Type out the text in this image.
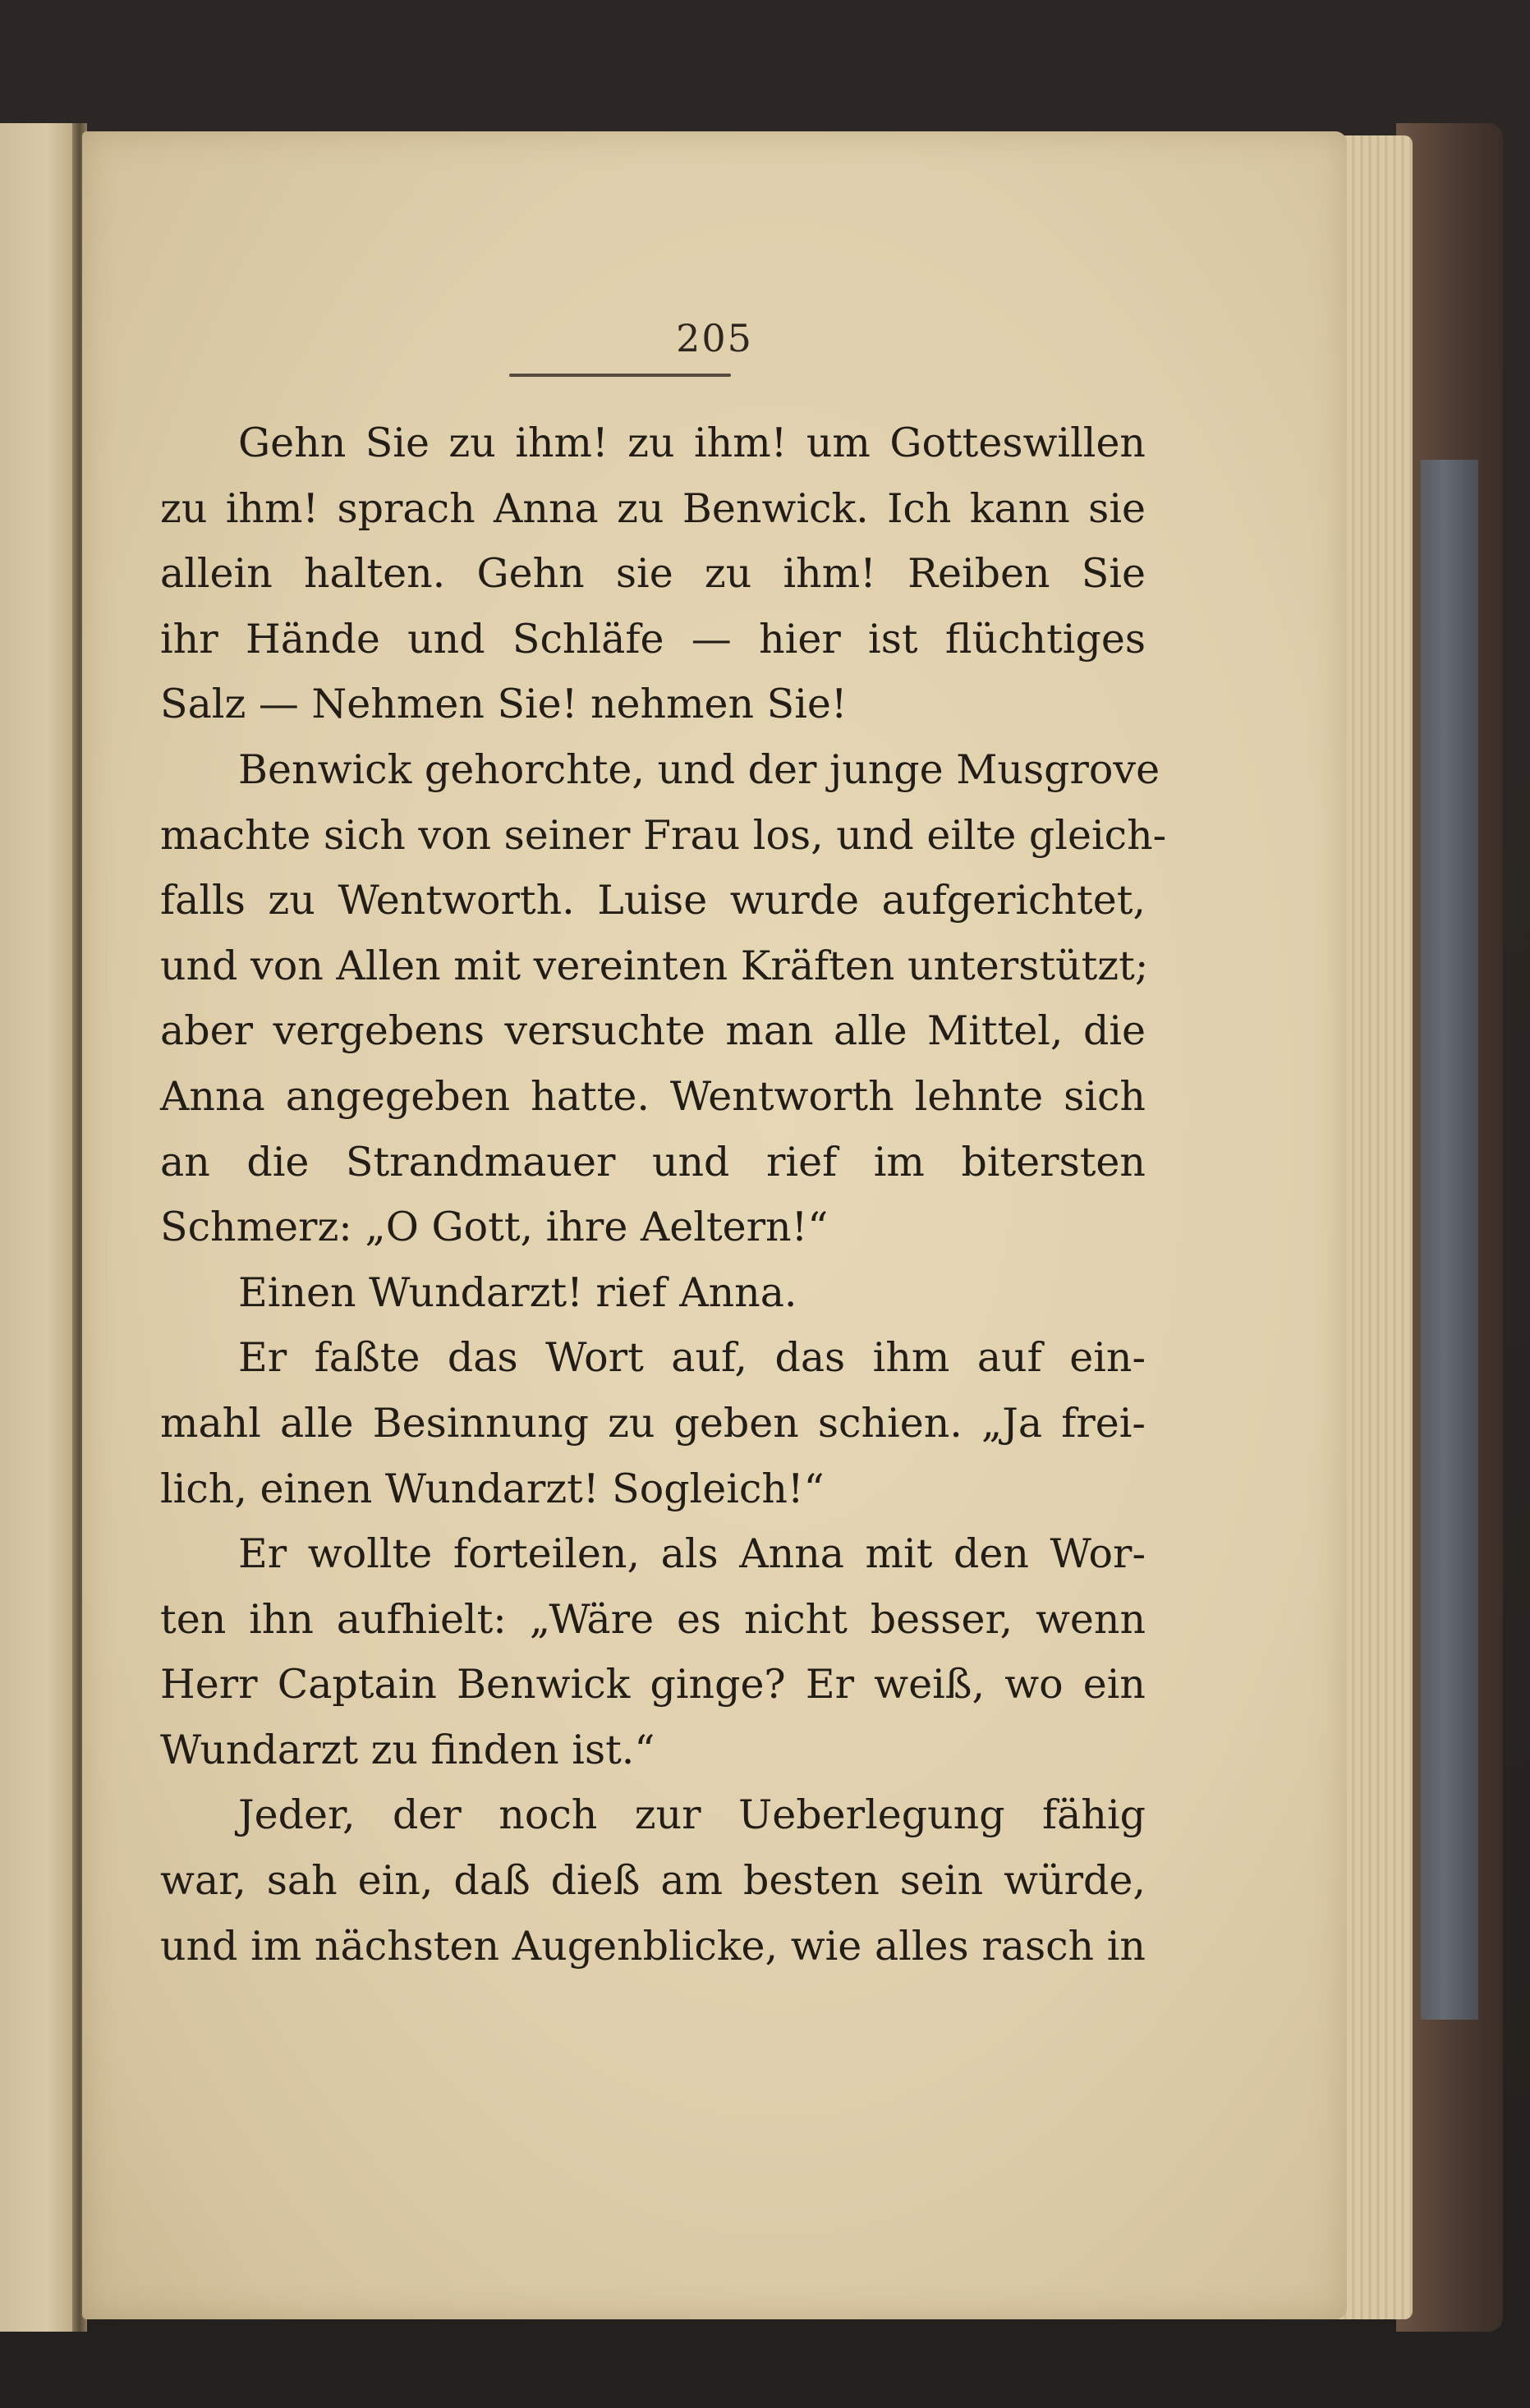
205
Gehn Sie zu ihm! zu ihm! um Gotteswillen
zu ihm! sprach Anna zu Benwick. Ich kann sie
allein halten. Gehn sie zu ihm! Reiben Sie
ihr Hände und Schläfe — hier ist flüchtiges
Salz — Nehmen Sie! nehmen Sie!
Benwick gehorchte, und der junge Musgrove
machte sich von seiner Frau los, und eilte gleich-
falls zu Wentworth. Luise wurde aufgerichtet,
und von Allen mit vereinten Kräften unterstützt;
aber vergebens versuchte man alle Mittel, die
Anna angegeben hatte. Wentworth lehnte sich
an die Strandmauer und rief im bitersten
Schmerz: „O Gott, ihre Aeltern!“
Einen Wundarzt! rief Anna.
Er faßte das Wort auf, das ihm auf ein-
mahl alle Besinnung zu geben schien. „Ja frei-
lich, einen Wundarzt! Sogleich!“
Er wollte forteilen, als Anna mit den Wor-
ten ihn aufhielt: „Wäre es nicht besser, wenn
Herr Captain Benwick ginge? Er weiß, wo ein
Wundarzt zu finden ist.“
Jeder, der noch zur Ueberlegung fähig
war, sah ein, daß dieß am besten sein würde,
und im nächsten Augenblicke, wie alles rasch in
